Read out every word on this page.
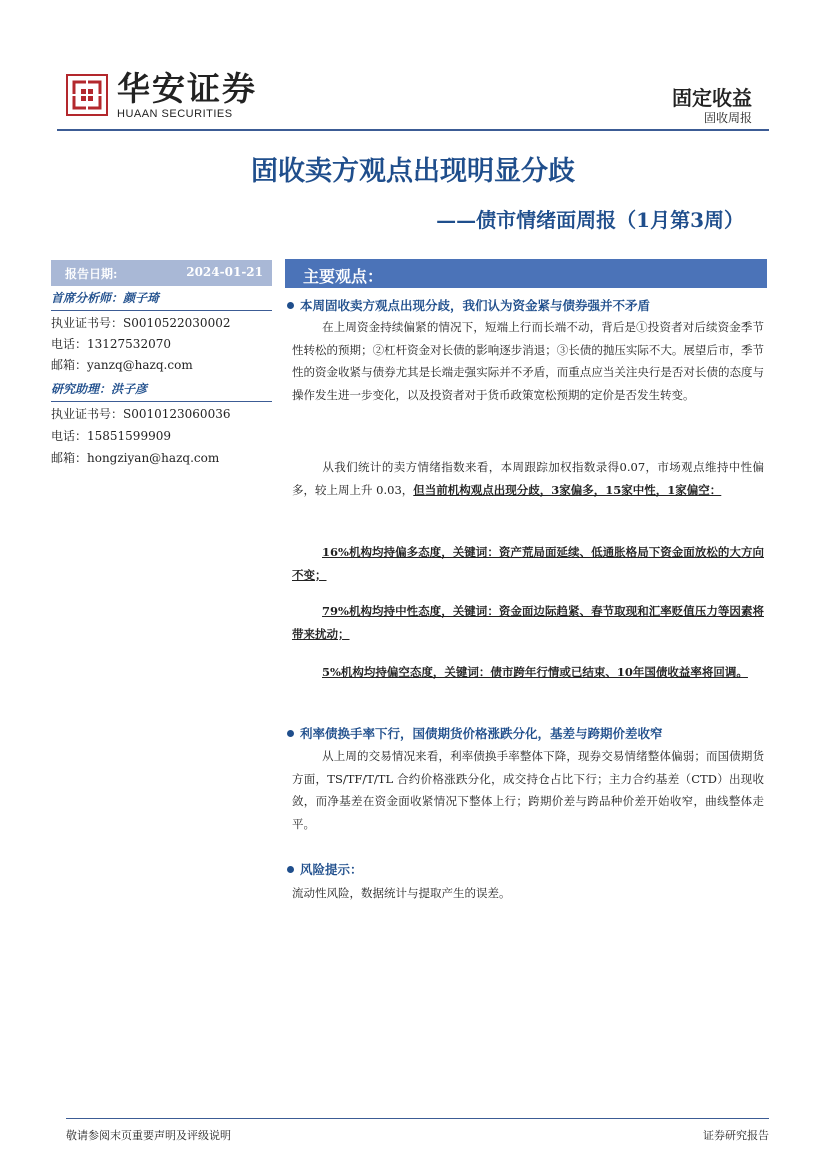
华安证券
HUAAN SECURITIES
固定收益
固收周报
固收卖方观点出现明显分歧
——债市情绪面周报（1月第3周）
报告日期:	2024-01-21
首席分析师：颜子琦
执业证书号：S0010522030002
电话：13127532070
邮箱：yanzq@hazq.com
研究助理：洪子彦
执业证书号：S0010123060036
电话：15851599909
邮箱：hongziyan@hazq.com
主要观点：
本周固收卖方观点出现分歧，我们认为资金紧与债券强并不矛盾
在上周资金持续偏紧的情况下，短端上行而长端不动，背后是①投资者对后续资金季节性转松的预期；②杠杆资金对长债的影响逐步消退；③长债的抛压实际不大。展望后市，季节性的资金收紧与债券尤其是长端走强实际并不矛盾，而重点应当关注央行是否对长债的态度与操作发生进一步变化，以及投资者对于货币政策宽松预期的定价是否发生转变。
从我们统计的卖方情绪指数来看，本周跟踪加权指数录得0.07，市场观点维持中性偏多，较上周上升 0.03，但当前机构观点出现分歧，3家偏多，15家中性，1家偏空：
16%机构均持偏多态度，关键词：资产荒局面延续、低通胀格局下资金面放松的大方向不变；
79%机构均持中性态度，关键词：资金面边际趋紧、春节取现和汇率贬值压力等因素将带来扰动；
5%机构均持偏空态度，关键词：债市跨年行情或已结束、10年国债收益率将回调。
利率债换手率下行，国债期货价格涨跌分化，基差与跨期价差收窄
从上周的交易情况来看，利率债换手率整体下降，现券交易情绪整体偏弱；而国债期货方面，TS/TF/T/TL 合约价格涨跌分化，成交持仓占比下行；主力合约基差（CTD）出现收敛，而净基差在资金面收紧情况下整体上行；跨期价差与跨品种价差开始收窄，曲线整体走平。
风险提示：
流动性风险，数据统计与提取产生的误差。
敬请参阅末页重要声明及评级说明	证券研究报告
